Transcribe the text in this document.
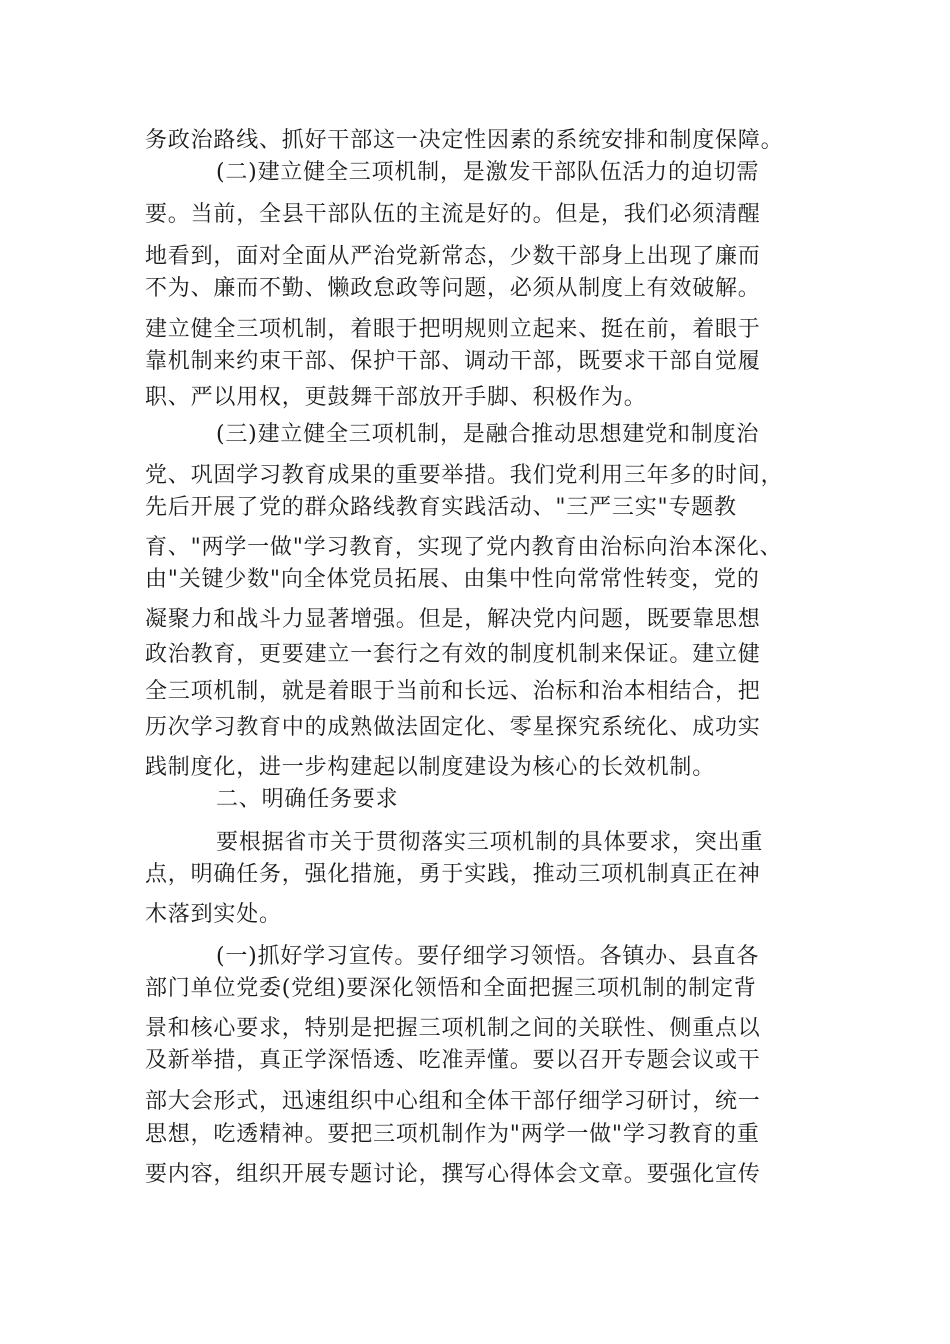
务政治路线、抓好干部这一决定性因素的系统安排和制度保障。
(二)建立健全三项机制，是激发干部队伍活力的迫切需
要。当前，全县干部队伍的主流是好的。但是，我们必须清醒
地看到，面对全面从严治党新常态，少数干部身上出现了廉而
不为、廉而不勤、懒政怠政等问题，必须从制度上有效破解。
建立健全三项机制，着眼于把明规则立起来、挺在前，着眼于
靠机制来约束干部、保护干部、调动干部，既要求干部自觉履
职、严以用权，更鼓舞干部放开手脚、积极作为。
(三)建立健全三项机制，是融合推动思想建党和制度治
党、巩固学习教育成果的重要举措。我们党利用三年多的时间，
先后开展了党的群众路线教育实践活动、"三严三实"专题教
育、"两学一做"学习教育，实现了党内教育由治标向治本深化、
由"关键少数"向全体党员拓展、由集中性向常常性转变，党的
凝聚力和战斗力显著增强。但是，解决党内问题，既要靠思想
政治教育，更要建立一套行之有效的制度机制来保证。建立健
全三项机制，就是着眼于当前和长远、治标和治本相结合，把
历次学习教育中的成熟做法固定化、零星探究系统化、成功实
践制度化，进一步构建起以制度建设为核心的长效机制。
二、明确任务要求
要根据省市关于贯彻落实三项机制的具体要求，突出重
点，明确任务，强化措施，勇于实践，推动三项机制真正在神
木落到实处。
(一)抓好学习宣传。要仔细学习领悟。各镇办、县直各
部门单位党委(党组)要深化领悟和全面把握三项机制的制定背
景和核心要求，特别是把握三项机制之间的关联性、侧重点以
及新举措，真正学深悟透、吃准弄懂。要以召开专题会议或干
部大会形式，迅速组织中心组和全体干部仔细学习研讨，统一
思想，吃透精神。要把三项机制作为"两学一做"学习教育的重
要内容，组织开展专题讨论，撰写心得体会文章。要强化宣传
